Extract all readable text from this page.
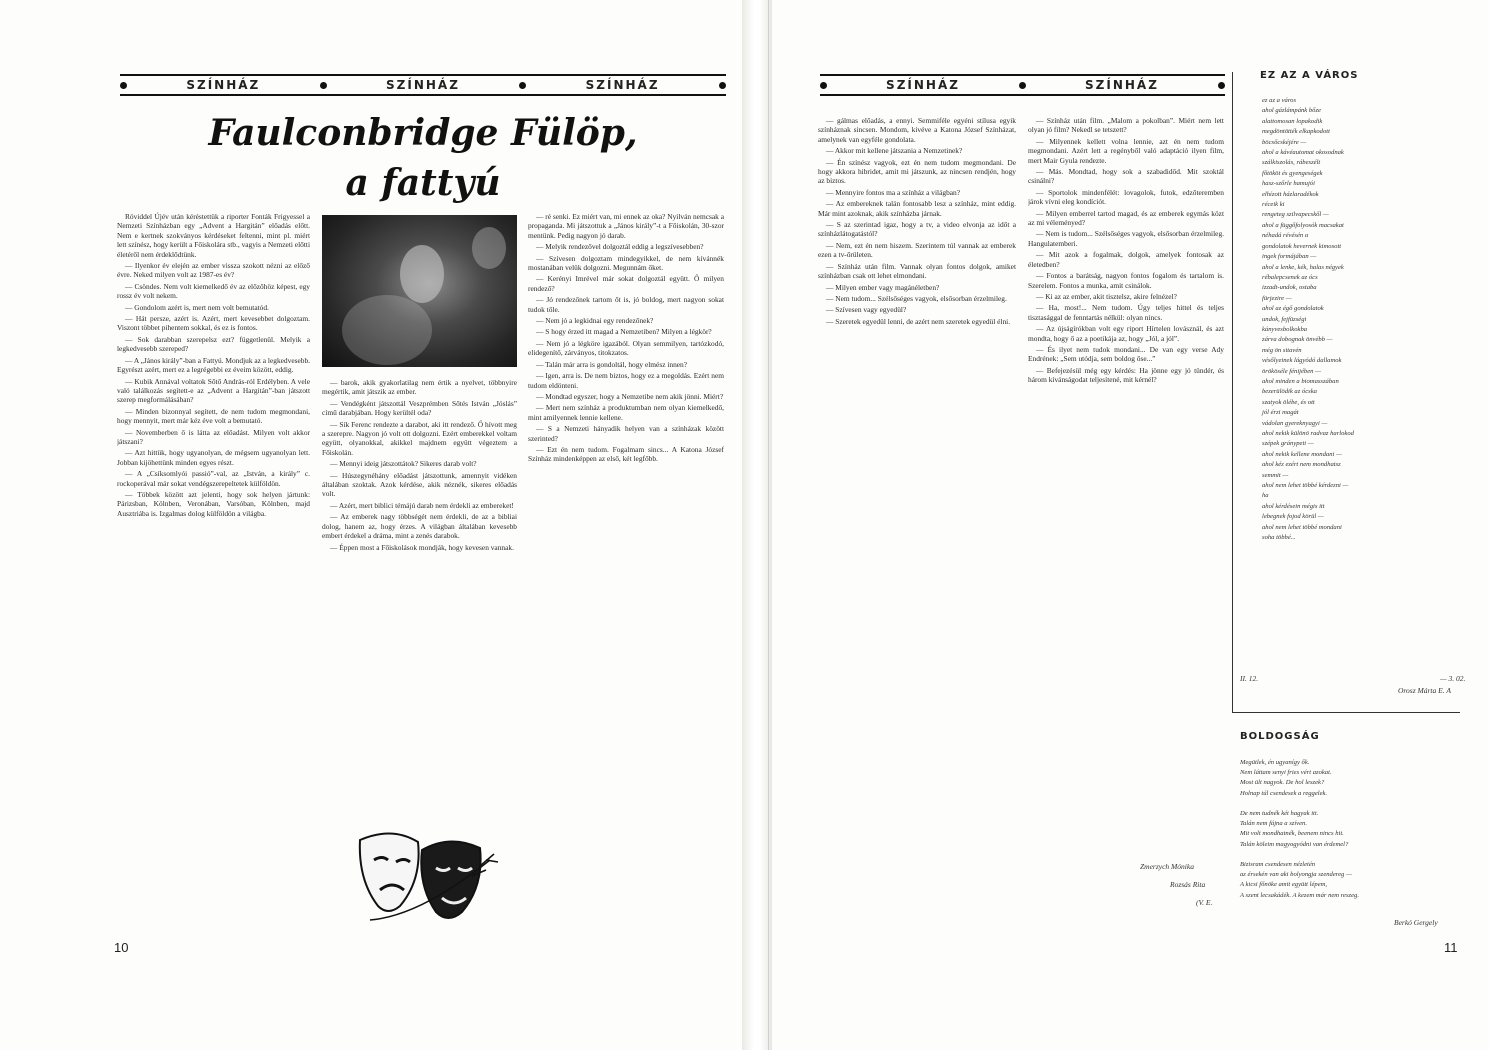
SZÍNHÁZ	SZÍNHÁZ	SZÍNHÁZ
Faulconbridge Fülöp,
a fattyú

Röviddel Újév után kéréstettük a riporter Fonták Frigyessel a Nemzeti Színházban egy „Advent a Hargitán” előadás előtt. Nem e kertnek szokványos kérdéseket feltenni, mint pl. miért lett színész, hogy került a Főiskolára stb., vagyis a Nemzeti előtti életéről nem érdeklődtünk.

— Ilyenkor év elején az ember vissza szokott nézni az előző évre. Neked milyen volt az 1987-es év?

— Csöndes. Nem volt kiemelkedő év az előzőhöz képest, egy rossz év volt nekem.

— Gondolom azért is, mert nem volt bemutatód.

— Hát persze, azért is. Azért, mert kevesebbet dolgoztam. Viszont többet pihentem sokkal, és ez is fontos.

— Sok darabban szerepelsz ezt? függetlenül. Melyik a legkedvesebb szereped?

— A „János király”-ban a Fattyú. Mondjuk az a legkedvesebb. Egyrészt azért, mert ez a legrégebbi ez éveim között, eddig.

— Kubik Annával voltatok Sőtő András-ról Erdélyben. A vele való találkozás segített-e az „Advent a Hargitán”-ban játszott szerep megformálásában?

— Minden bizonnyal segített, de nem tudom megmondani, hogy mennyit, mert már kéz éve volt a bemutató.

— Novemberben ő is látta az előadást. Milyen volt akkor játszani?

— Azt hittük, hogy ugyanolyan, de mégsem ugyanolyan lett. Jobban kijöhettünk minden egyes részt.

— A „Csíksomlyói passió”-val, az „István, a király” c. rockoperával már sokat vendégszerepeltetek külföldön.

— Többek között azt jelenti, hogy sok helyen jártunk: Párizsban, Kölnben, Veronában, Varsóban, Kölnben, majd Ausztriába is. Izgalmas dolog külföldön a világba.

— barok, akik gyakorlatilag nem értik a nyelvet, többnyire megértik, amit játszik az ember.

— Vendégként játszottál Veszprémben Sőtés István „Jóslás” című darabjában. Hogy kerültél oda?

— Sík Ferenc rendezte a darabot, aki itt rendező. Ő hívott meg a szerepre. Nagyon jó volt ott dolgozni. Ezért emberekkel voltam együtt, olyanokkal, akikkel majdnem együtt végeztem a Főiskolán.

— Mennyi ideig játszottátok? Sikeres darab volt?

— Húszegynéhány előadást játszottunk, amennyit vidéken általában szoktak. Azok kérdése, akik néznék, sikeres előadás volt.

— Azért, mert biblici témájú darab nem érdekli az embereket!

— Az emberek nagy többségét nem érdekli, de az a bibliai dolog, hanem az, hogy érzes. A világban általában kevesebb embert érdekel a dráma, mint a zenés darabok.

— Éppen most a Főiskolások mondják, hogy kevesen vannak.

— ré senki. Ez miért van, mi ennek az oka? Nyilván nemcsak a propaganda. Mi játszottuk a „János király”-t a Főiskolán, 30-szor mentünk. Pedig nagyon jó darab.

— Melyik rendezővel dolgoztál eddig a legszívesebben?

— Szívesen dolgoztam mindegyikkel, de nem kívánnék mostanában velük dolgozni. Megunnám őket.

— Kerényi Imrével már sokat dolgoztál együtt. Ő milyen rendező?

— Jó rendezőnek tartom őt is, jó boldog, mert nagyon sokat tudok tőle.

— Nem jó a legkidnai egy rendezőnek?

— S hogy érzed itt magad a Nemzetiben? Milyen a légkör?

— Nem jó a légköre igazából. Olyan semmilyen, tartózkodó, elidegenítő, zárványos, titokzatos.

— Talán már arra is gondoltál, hogy elmész innen?

— Igen, arra is. De nem biztos, hogy ez a megoldás. Ezért nem tudom eldönteni.

— Mondtad egyszer, hogy a Nemzetibe nem akik jönni. Miért?

— Mert nem színház a produktumban nem olyan kiemelkedő, mint amilyennek lennie kellene.

— S a Nemzeti hányadik helyen van a színházak között szerinted?

— Ezt én nem tudom. Fogalmam sincs... A Katona József Színház mindenképpen az első, két legfőbb.

10
SZÍNHÁZ	SZÍNHÁZ

— gálmas előadás, a ennyi. Semmiféle egyéni stílusa egyik színháznak sincsen. Mondom, kivéve a Katona József Színházat, amelynek van egyféle gondolata.

— Akkor mit kellene játszania a Nemzetinek?

— Én színész vagyok, ezt én nem tudom megmondani. De hogy akkora hibridet, amit mi játszunk, az nincsen rendjén, hogy az biztos.

— Mennyire fontos ma a színház a világban?

— Az embereknek talán fontosabb lesz a színház, mint eddig. Már mint azoknak, akik színházba járnak.

— S az szerintad igaz, hogy a tv, a video elvonja az időt a színházlátogatástól?

— Nem, ezt én nem hiszem. Szerintem túl vannak az emberek ezen a tv-őrületen.

— Színház után film. Vannak olyan fontos dolgok, amiket színházban csak ott lehet elmondani.

— Milyen ember vagy magánéletben?

— Nem tudom... Szélsőséges vagyok, elsősorban érzelmileg.

— Szívesen vagy egyedül?

— Szeretek egyedül lenni, de azért nem szeretek egyedül élni.

— Színház után film. „Malom a pokolban”. Miért nem lett olyan jó film? Nekedl se tetszett?

— Milyennek kellett volna lennie, azt én nem tudom megmondani. Azért lett a regényből való adaptáció ilyen film, mert Mair Gyula rendezte.

— Más. Mondtad, hogy sok a szabadidőd. Mit szoktál csinálni?

— Sportolok mindenfélét: lovagolok, futok, edzőteremben járok vívni eleg kondíciót.

— Milyen emberrel tartod magad, és az emberek egymás közt az mi véleményed?

— Nem is tudom... Szélsőséges vagyok, elsősorban érzelmileg. Hangulatemberi.

— Mit azok a fogalmak, dolgok, amelyek fontosak az életedben?

— Fontos a barátság, nagyon fontos fogalom és tartalom is. Szerelem. Fontos a munka, amit csinálok.

— Ki az az ember, akit tisztelsz, akire felnézel?

— Ha, most!... Nem tudom. Úgy teljes hittel és teljes tisztasággal de fenntartás nélkül: olyan nincs.

— Az újságírókban volt egy riport Hírtelen lovásznál, és azt mondta, hogy ő az a poetikája az, hogy „Jól, a jól”.

— És ilyet nem tudok mondani... De van egy verse Ady Endrének: „Sem utódja, sem boldog őse...”

— Befejezésül még egy kérdés: Ha jönne egy jó tündér, és három kívánságodat teljesítené, mit kérnél?

Zmerzych Mónika
Rozsás Rita
(V. E.
EZ AZ A VÁROS
ez az a város
ahol gázlámpánk bőze
alattomosan lopakodik
megdöntötték elkapkodott
böcsőcskéjére —
ahol a kávéautomat okosodnak
szálkiszolás, rábeszélt
főtököt és gyengeségek
hasz-szőrle hamujói
elhízott házlaradékok
réceik ki
rengeteg szilvapecskől —
ahol a függőfolyosók macsakat
néhadá révésén a
gondolatok hevernek kimosott
ingek formájában —
ahol a lenke, kék, halas négyek
rébalepcsenek az ócs
izzadt-undok, ostaba
fürjezire —
ahol az égő gondolatok
undok, fejfüzségi
kányvesbolkokba
zárva dobognak önvébb —
még ön sitavén
vésőlyeinek lágyódó dallamok
örököséle fénijében —
ahol minden a biomasszában
bezerülödik az ócska
szatyok ölébe, és ott
jól érzi magát
vádolan gyereknyagyi —
ahol nekik különö radvaz harlokod
szépek gránypeti —
ahol nekik kellene mondani —
ahol kéz ezért nem mondhatsz
semmit —
ahol nem lehet többé kérdezni —
ha
ahol kérdésein mégis itt
lebegnek fojod körül —
ahol nem lehet többé mondani
soha többé...
II. 12.	— 3. 02.
Orosz Márta E. A
BOLDOGSÁG
Megütlek, én ugyanígy ők.
Nem láttam senyi fries vért azokat.
Most ült nagyok. De hol leszek?
Holnap túl csendesek a reggelek.

De nem tudnék két hagyak itt.
Talán nem fájna a szíven.
Mit volt mondhatnék, beenem nincs hit.
Talán köleim magyogyódni van érdemel?

Bizisram csendesen nézletén
az érsekén van aki bolyongja szendereg —
A kicsi főnöke amit együtt lépem,
A szent lecsakádék. A kezem már nem reszeg.
Berkó Gergely
11
